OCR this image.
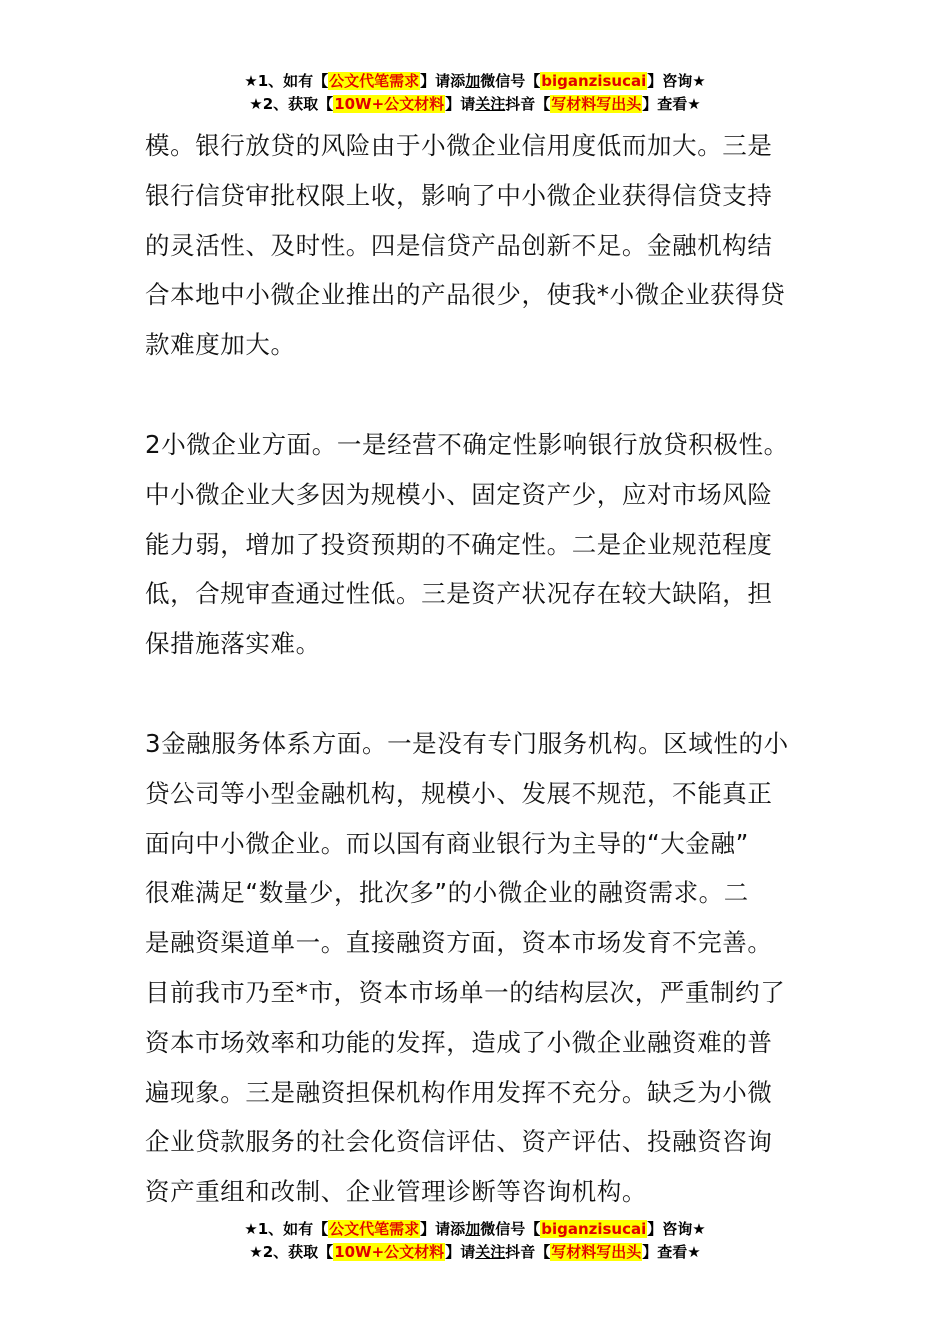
★1、如有【公文代笔需求】请添加微信号【biganzisucai】咨询★
★2、获取【10W+公文材料】请关注抖音【写材料写出头】查看★

模。银行放贷的风险由于小微企业信用度低而加大。三是
银行信贷审批权限上收，影响了中小微企业获得信贷支持
的灵活性、及时性。四是信贷产品创新不足。金融机构结
合本地中小微企业推出的产品很少，使我*小微企业获得贷
款难度加大。

2小微企业方面。一是经营不确定性影响银行放贷积极性。
中小微企业大多因为规模小、固定资产少，应对市场风险
能力弱，增加了投资预期的不确定性。二是企业规范程度
低，合规审查通过性低。三是资产状况存在较大缺陷，担
保措施落实难。

3金融服务体系方面。一是没有专门服务机构。区域性的小
贷公司等小型金融机构，规模小、发展不规范，不能真正
面向中小微企业。而以国有商业银行为主导的“大金融”
很难满足“数量少，批次多”的小微企业的融资需求。二
是融资渠道单一。直接融资方面，资本市场发育不完善。
目前我市乃至*市，资本市场单一的结构层次，严重制约了
资本市场效率和功能的发挥，造成了小微企业融资难的普
遍现象。三是融资担保机构作用发挥不充分。缺乏为小微
企业贷款服务的社会化资信评估、资产评估、投融资咨询
资产重组和改制、企业管理诊断等咨询机构。

★1、如有【公文代笔需求】请添加微信号【biganzisucai】咨询★
★2、获取【10W+公文材料】请关注抖音【写材料写出头】查看★
